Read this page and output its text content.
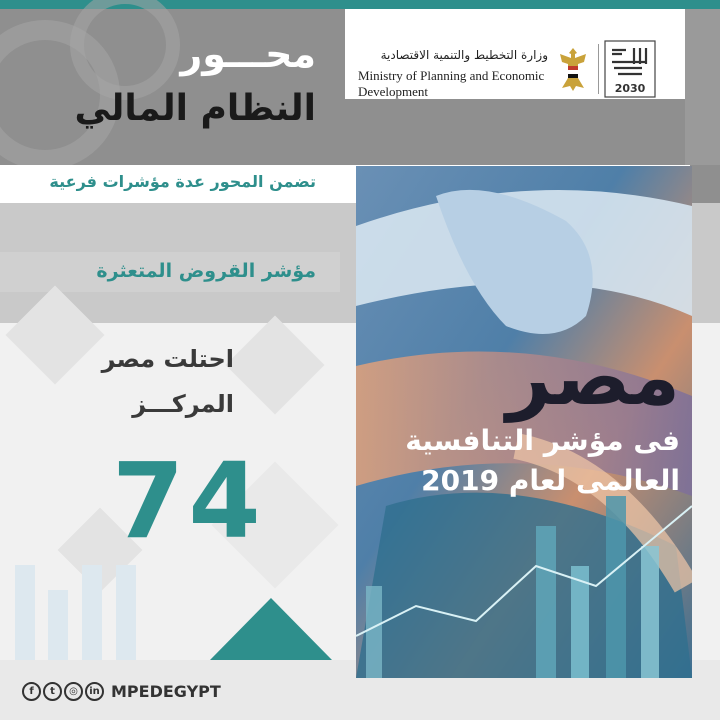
محـــور
النظام المالي
تضمن المحور عدة مؤشرات فرعية
مؤشر القروض المتعثرة
احتلت مصر
المركـــز
74
وزارة التخطيط والتنمية الاقتصادية
Ministry of Planning and Economic
Development	2030
مصر
فى مؤشر التنافسية
العالمى لعام 2019
f	t	◎	in MPEDEGYPT
